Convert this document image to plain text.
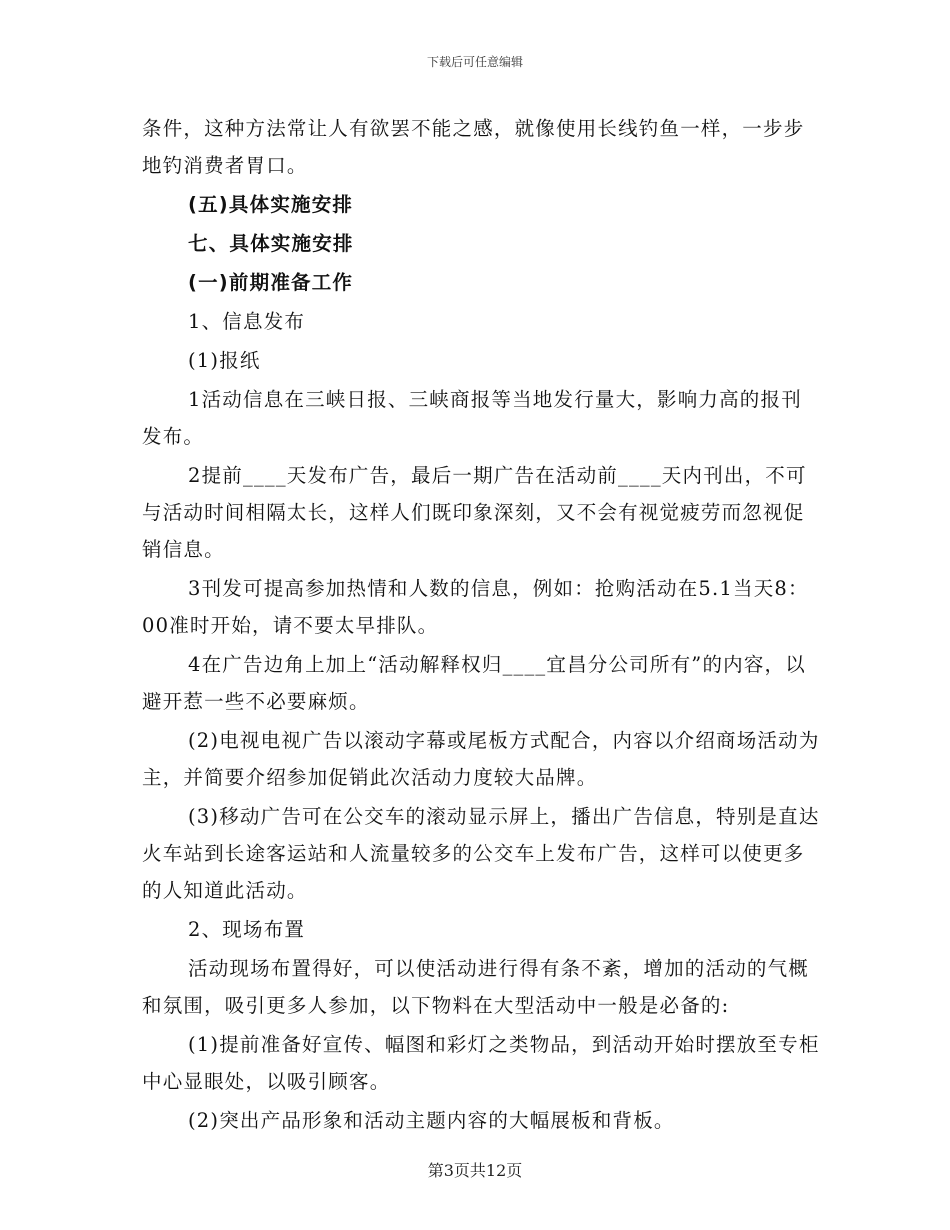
下载后可任意编辑

条件，这种方法常让人有欲罢不能之感，就像使用长线钓鱼一样，一步步地钓消费者胃口。

(五)具体实施安排

七、具体实施安排

(一)前期准备工作

1、信息发布

(1)报纸

1活动信息在三峡日报、三峡商报等当地发行量大，影响力高的报刊发布。

2提前____天发布广告，最后一期广告在活动前____天内刊出，不可与活动时间相隔太长，这样人们既印象深刻，又不会有视觉疲劳而忽视促销信息。

3刊发可提高参加热情和人数的信息，例如：抢购活动在5.1当天8：00准时开始，请不要太早排队。

4在广告边角上加上“活动解释权归____宜昌分公司所有”的内容，以避开惹一些不必要麻烦。

(2)电视电视广告以滚动字幕或尾板方式配合，内容以介绍商场活动为主，并简要介绍参加促销此次活动力度较大品牌。

(3)移动广告可在公交车的滚动显示屏上，播出广告信息，特别是直达火车站到长途客运站和人流量较多的公交车上发布广告，这样可以使更多的人知道此活动。

2、现场布置

活动现场布置得好，可以使活动进行得有条不紊，增加的活动的气概和氛围，吸引更多人参加，以下物料在大型活动中一般是必备的:

(1)提前准备好宣传、幅图和彩灯之类物品，到活动开始时摆放至专柜中心显眼处，以吸引顾客。

(2)突出产品形象和活动主题内容的大幅展板和背板。

第3页共12页
